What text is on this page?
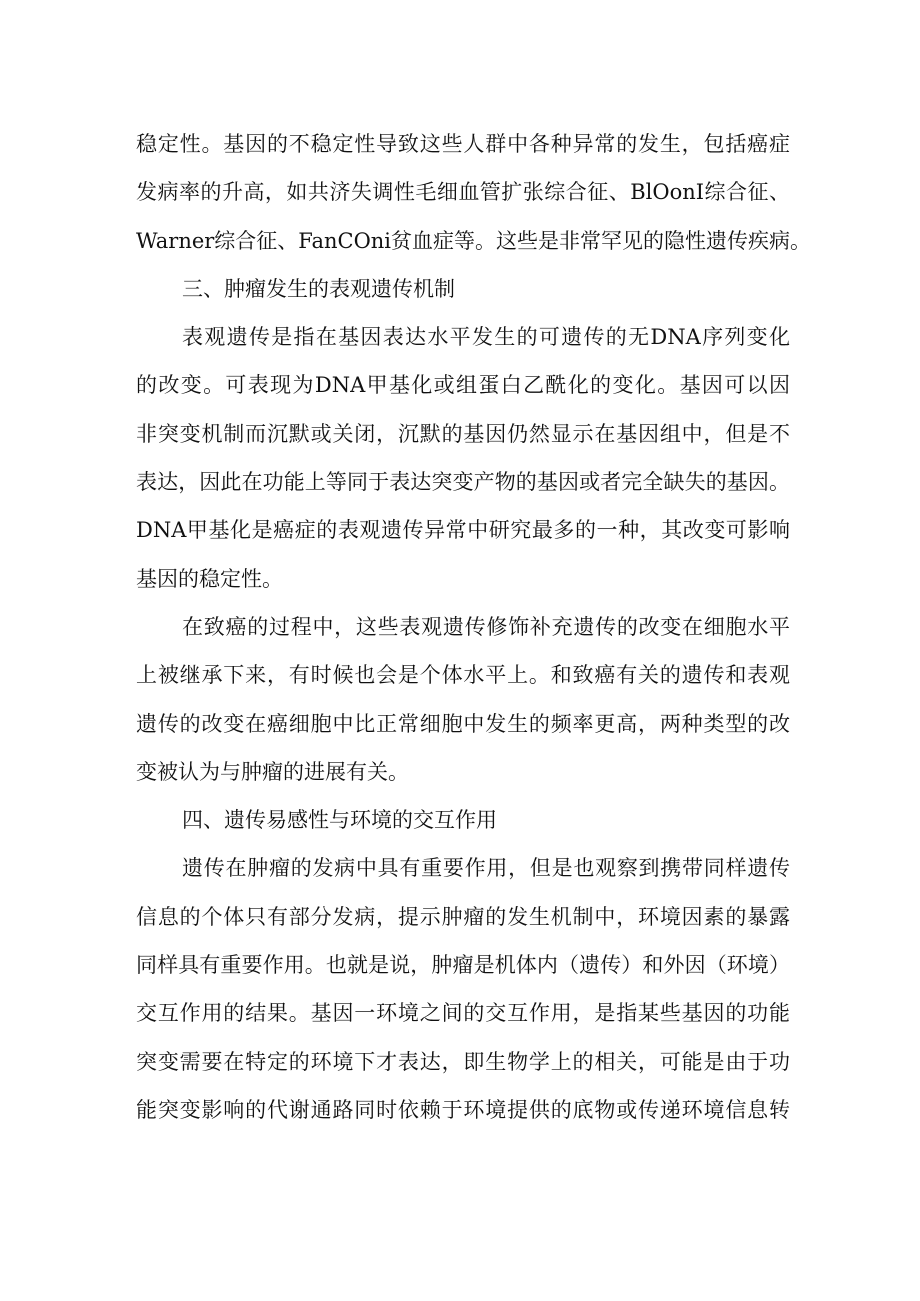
稳定性。基因的不稳定性导致这些人群中各种异常的发生，包括癌症
发病率的升高，如共济失调性毛细血管扩张综合征、BlOonI综合征、
Warner综合征、FanCOni贫血症等。这些是非常罕见的隐性遗传疾病。
三、肿瘤发生的表观遗传机制
表观遗传是指在基因表达水平发生的可遗传的无DNA序列变化
的改变。可表现为DNA甲基化或组蛋白乙酰化的变化。基因可以因
非突变机制而沉默或关闭，沉默的基因仍然显示在基因组中，但是不
表达，因此在功能上等同于表达突变产物的基因或者完全缺失的基因。
DNA甲基化是癌症的表观遗传异常中研究最多的一种，其改变可影响
基因的稳定性。
在致癌的过程中，这些表观遗传修饰补充遗传的改变在细胞水平
上被继承下来，有时候也会是个体水平上。和致癌有关的遗传和表观
遗传的改变在癌细胞中比正常细胞中发生的频率更高，两种类型的改
变被认为与肿瘤的进展有关。
四、遗传易感性与环境的交互作用
遗传在肿瘤的发病中具有重要作用，但是也观察到携带同样遗传
信息的个体只有部分发病，提示肿瘤的发生机制中，环境因素的暴露
同样具有重要作用。也就是说，肿瘤是机体内（遗传）和外因（环境）
交互作用的结果。基因一环境之间的交互作用，是指某些基因的功能
突变需要在特定的环境下才表达，即生物学上的相关，可能是由于功
能突变影响的代谢通路同时依赖于环境提供的底物或传递环境信息转
